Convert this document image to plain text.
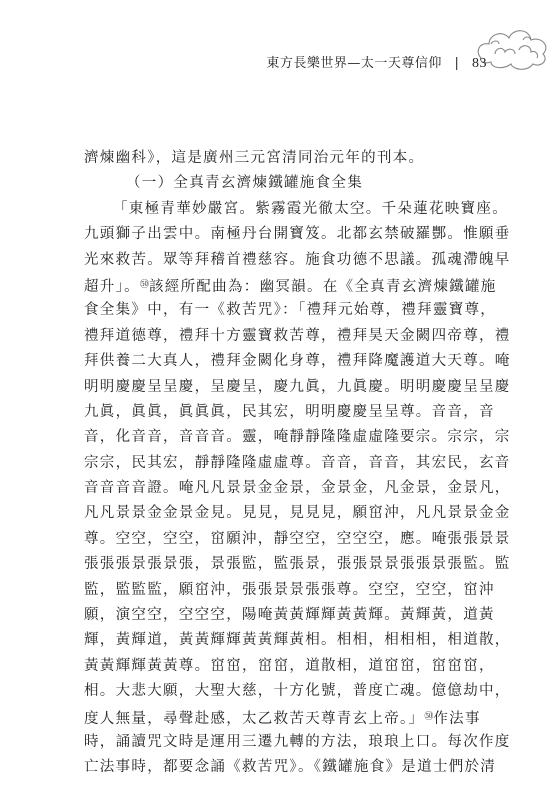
東方長樂世界—太一天尊信仰 | 83
濟煉幽科》，這是廣州三元宮清同治元年的刊本。
（一）全真青玄濟煉鐵罐施食全集
「東極青華妙嚴宮。紫霧霞光徹太空。千朵蓮花映寶座。
九頭獅子出雲中。南極丹台開寶笈。北都玄禁破羅酆。惟願垂
光來救苦。眾等拜稽首禮慈容。施食功德不思議。孤魂滯魄早
超升」。$^㊿$該經所配曲為：幽冥韻。在《全真青玄濟煉鐵罐施
食全集》中，有一《救苦咒》：「禮拜元始尊，禮拜靈寶尊，
禮拜道德尊，禮拜十方靈寶救苦尊，禮拜昊天金闕四帝尊，禮
拜供養二大真人，禮拜金闕化身尊，禮拜降魔護道大天尊。唵
明明慶慶呈呈慶，呈慶呈，慶九眞，九眞慶。明明慶慶呈呈慶
九眞，眞眞，眞眞眞，民其宏，明明慶慶呈呈尊。音音，音
音，化音音，音音音。靈，唵靜靜隆隆虛虛隆要宗。宗宗，宗
宗宗，民其宏，靜靜隆隆虛虛尊。音音，音音，其宏民，玄音
音音音音證。唵凡凡景景金金景，金景金，凡金景，金景凡，
凡凡景景金金景金見。見見，見見見，願窋沖，凡凡景景金金
尊。空空，空空，窋願沖，靜空空，空空空，應。唵張張景景
張張張景張景張，景張監，監張景，張張景景張張景張監。監
監，監監監，願窋沖，張張景景張張尊。空空，空空，窋沖
願，演空空，空空空，陽唵黃黃輝輝黃黃輝。黃輝黃，道黃
輝，黃輝道，黃黃輝輝黃黃輝黃相。相相，相相相，相道散，
黃黃輝輝黃黃尊。窋窋，窋窋，道散相，道窋窋，窋窋窋，
相。大悲大願，大聖大慈，十方化號，普度亡魂。億億劫中，
度人無量，尋聲赴感，太乙救苦天尊青玄上帝。」$^㊿$作法事
時，誦讀咒文時是運用三遷九轉的方法，琅琅上口。每次作度
亡法事時，都要念誦《救苦咒》。《鐵罐施食》是道士們於清
